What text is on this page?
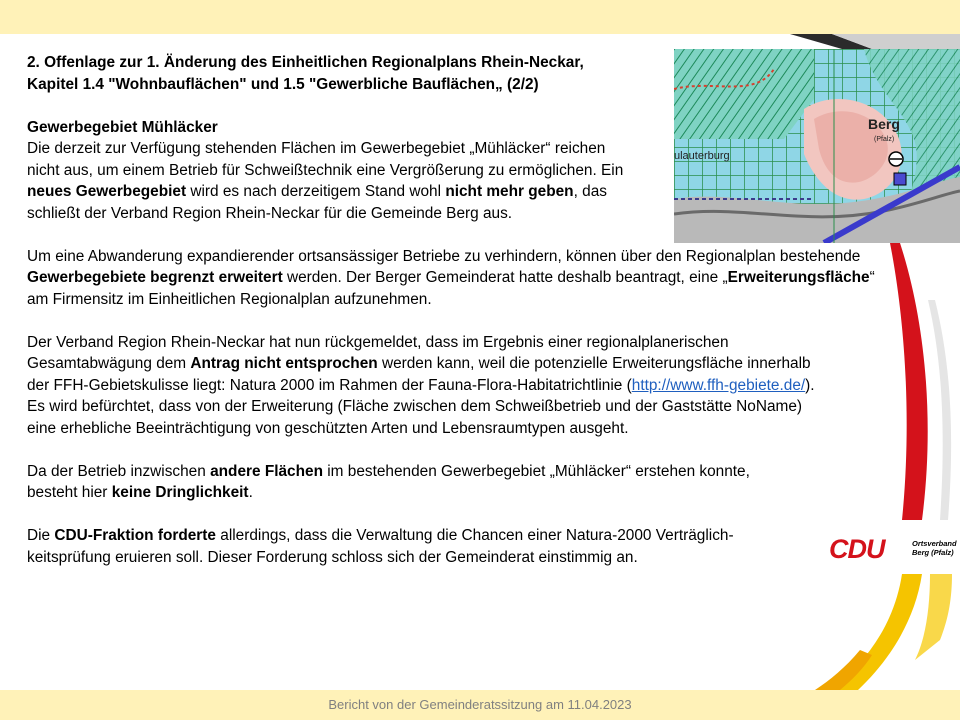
Berg
(Pfalz)
ulauterburg

2. Offenlage zur 1. Änderung des Einheitlichen Regionalplans Rhein-Neckar,
Kapitel 1.4 "Wohnbauflächen" und 1.5 "Gewerbliche Bauflächen„ (2/2)

Gewerbegebiet Mühläcker

Die derzeit zur Verfügung stehenden Flächen im Gewerbegebiet „Mühläcker“ reichen nicht aus, um einem Betrieb für Schweißtechnik eine Vergrößerung zu ermöglichen. Ein neues Gewerbegebiet wird es nach derzeitigem Stand wohl nicht mehr geben, das schließt der Verband Region Rhein-Neckar für die Gemeinde Berg aus.

Um eine Abwanderung expandierender ortsansässiger Betriebe zu verhindern, können über den Regionalplan bestehende Gewerbegebiete begrenzt erweitert werden. Der Berger Gemeinderat hatte deshalb beantragt, eine „Erweiterungsfläche“ am Firmensitz im Einheitlichen Regionalplan aufzunehmen.

Der Verband Region Rhein-Neckar hat nun rückgemeldet, dass im Ergebnis einer regionalplanerischen Gesamtabwägung dem Antrag nicht entsprochen werden kann, weil die potenzielle Erweiterungsfläche innerhalb der FFH-Gebietskulisse liegt: Natura 2000 im Rahmen der Fauna-Flora-Habitatrichtlinie (http://www.ffh-gebiete.de/). Es wird befürchtet, dass von der Erweiterung (Fläche zwischen dem Schweißbetrieb und der Gaststätte NoName) eine erhebliche Beeinträchtigung von geschützten Arten und Lebensraumtypen ausgeht.

Da der Betrieb inzwischen andere Flächen im bestehenden Gewerbegebiet „Mühläcker“ erstehen konnte, besteht hier keine Dringlichkeit.

Die CDU-Fraktion forderte allerdings, dass die Verwaltung die Chancen einer Natura-2000 Verträglich-keitsprüfung eruieren soll. Dieser Forderung schloss sich der Gemeinderat einstimmig an.	CDU	Ortsverband
Berg (Pfalz)
Bericht von der Gemeinderatssitzung am 11.04.2023
